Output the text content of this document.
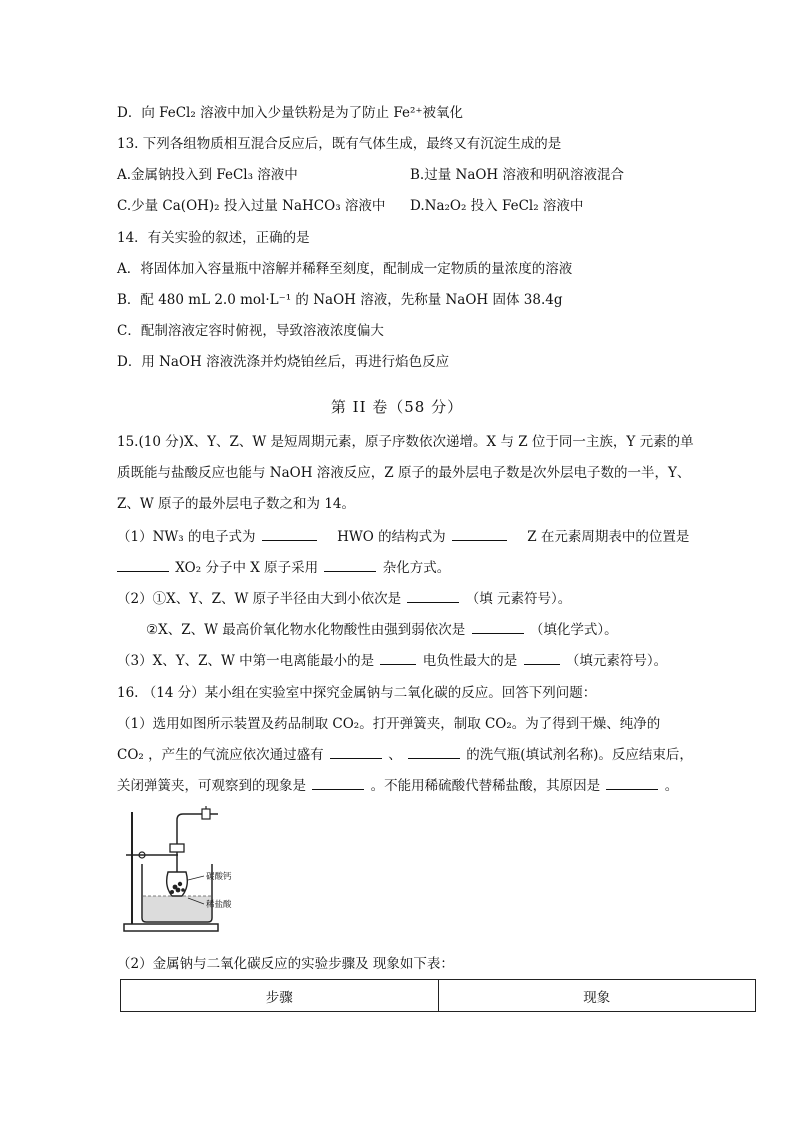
D．向 FeCl₂ 溶液中加入少量铁粉是为了防止 Fe²⁺被氧化
13. 下列各组物质相互混合反应后，既有气体生成，最终又有沉淀生成的是
A.金属钠投入到 FeCl₃ 溶液中	B.过量 NaOH 溶液和明矾溶液混合
C.少量 Ca(OH)₂ 投入过量 NaHCO₃ 溶液中 D.Na₂O₂ 投入 FeCl₂ 溶液中
14．有关实验的叙述，正确的是
A．将固体加入容量瓶中溶解并稀释至刻度，配制成一定物质的量浓度的溶液
B．配 480 mL 2.0 mol·L⁻¹ 的 NaOH 溶液，先称量 NaOH 固体 38.4g
C．配制溶液定容时俯视，导致溶液浓度偏大
D．用 NaOH 溶液洗涤并灼烧铂丝后，再进行焰色反应
第 II 卷（58 分）
15.(10 分)X、Y、Z、W 是短周期元素，原子序数依次递增。X 与 Z 位于同一主族，Y 元素的单
质既能与盐酸反应也能与 NaOH 溶液反应，Z 原子的最外层电子数是次外层电子数的一半，Y、
Z、W 原子的最外层电子数之和为 14。
（1）NW₃ 的电子式为	HWO 的结构式为	Z 在元素周期表中的位置是
XO₂ 分子中 X 原子采用	杂化方式。
（2）①X、Y、Z、W 原子半径由大到小依次是	（填 元素符号）。
②X、Z、W 最高价氧化物水化物酸性由强到弱依次是	（填化学式）。
（3）X、Y、Z、W 中第一电离能最小的是	电负性最大的是	（填元素符号）。
16. （14 分）某小组在实验室中探究金属钠与二氧化碳的反应。回答下列问题：
（1）选用如图所示装置及药品制取 CO₂。打开弹簧夹，制取 CO₂。为了得到干燥、纯净的
CO₂ ，产生的气流应依次通过盛有	、	的洗气瓶(填试剂名称)。反应结束后，
关闭弹簧夹，可观察到的现象是	。不能用稀硫酸代替稀盐酸，其原因是	。
碳酸钙
稀盐酸
（2）金属钠与二氧化碳反应的实验步骤及 现象如下表：
步骤	现象
